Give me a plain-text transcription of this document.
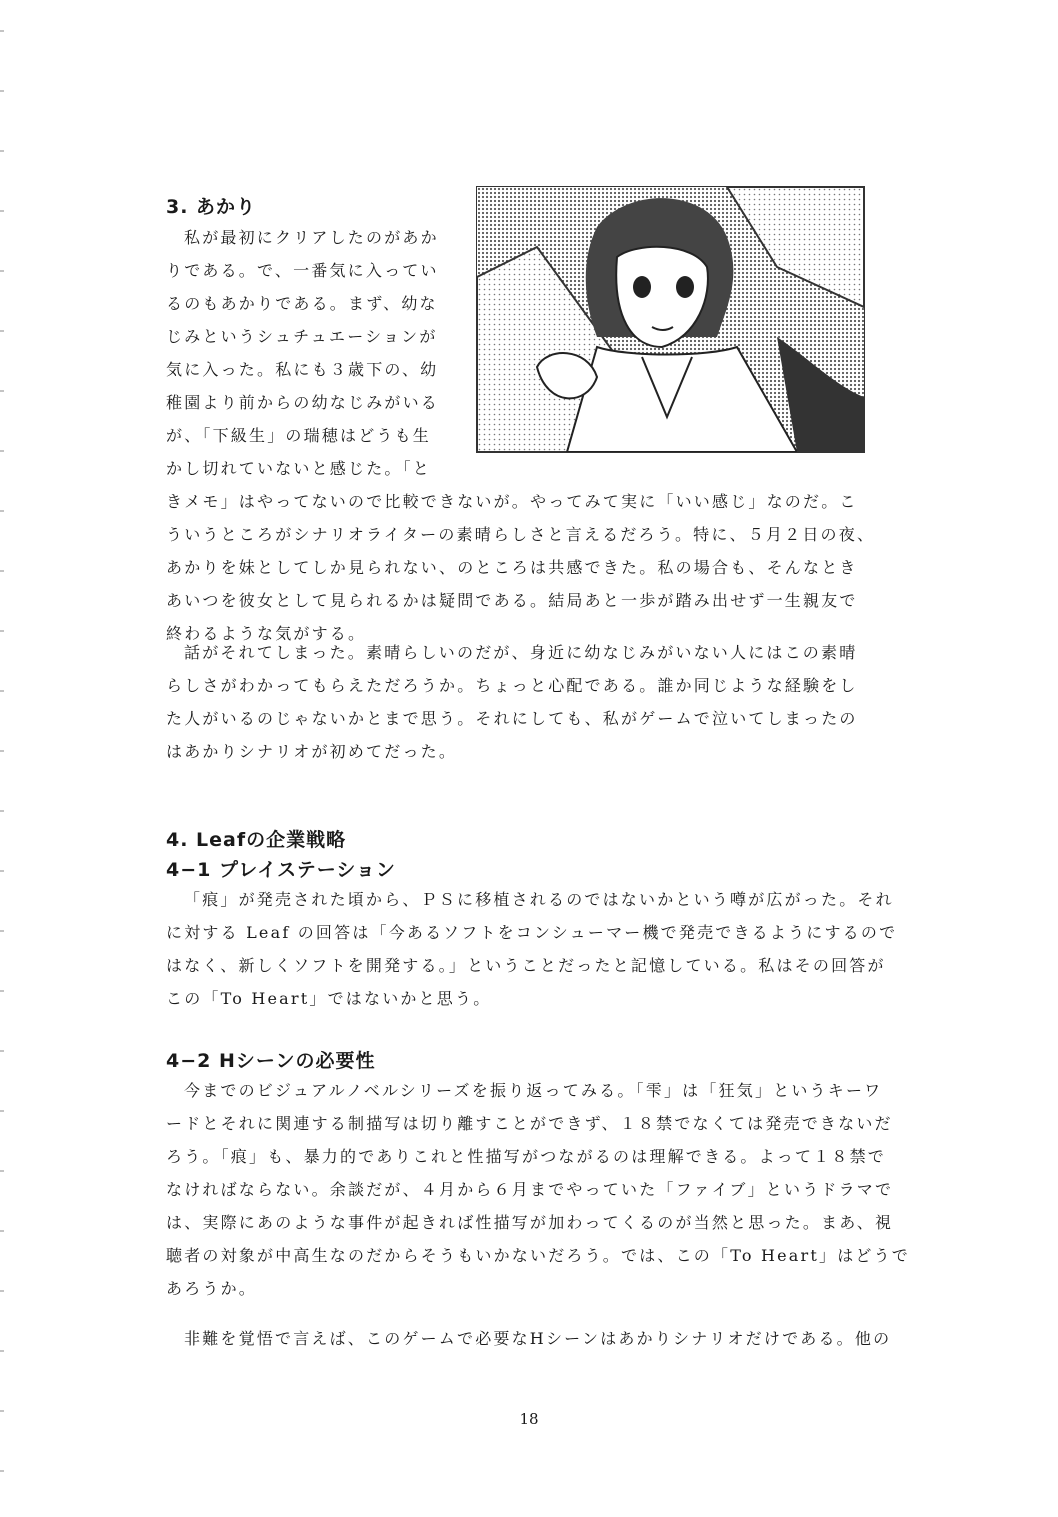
3. あかり

私が最初にクリアしたのがあか
りである。で、一番気に入ってい
るのもあかりである。まず、幼な
じみというシュチュエーションが
気に入った。私にも３歳下の、幼
稚園より前からの幼なじみがいる
が、「下級生」の瑞穂はどうも生
かし切れていないと感じた。「と

きメモ」はやってないので比較できないが。やってみて実に「いい感じ」なのだ。こ
ういうところがシナリオライターの素晴らしさと言えるだろう。特に、５月２日の夜、
あかりを妹としてしか見られない、のところは共感できた。私の場合も、そんなとき
あいつを彼女として見られるかは疑問である。結局あと一歩が踏み出せず一生親友で
終わるような気がする。

話がそれてしまった。素晴らしいのだが、身近に幼なじみがいない人にはこの素晴
らしさがわかってもらえただろうか。ちょっと心配である。誰か同じような経験をし
た人がいるのじゃないかとまで思う。それにしても、私がゲームで泣いてしまったの
はあかりシナリオが初めてだった。

4. Leafの企業戦略
4−1 プレイステーション

「痕」が発売された頃から、ＰＳに移植されるのではないかという噂が広がった。それ
に対する Leaf の回答は「今あるソフトをコンシューマー機で発売できるようにするので
はなく、新しくソフトを開発する。」ということだったと記憶している。私はその回答が
この「To Heart」ではないかと思う。

4−2 Hシーンの必要性

今までのビジュアルノベルシリーズを振り返ってみる。「雫」は「狂気」というキーワ
ードとそれに関連する制描写は切り離すことができず、１８禁でなくては発売できないだ
ろう。「痕」も、暴力的でありこれと性描写がつながるのは理解できる。よって１８禁で
なければならない。余談だが、４月から６月までやっていた「ファイブ」というドラマで
は、実際にあのような事件が起きれば性描写が加わってくるのが当然と思った。まあ、視
聴者の対象が中高生なのだからそうもいかないだろう。では、この「To Heart」はどうで
あろうか。

非難を覚悟で言えば、このゲームで必要なHシーンはあかりシナリオだけである。他の

18
